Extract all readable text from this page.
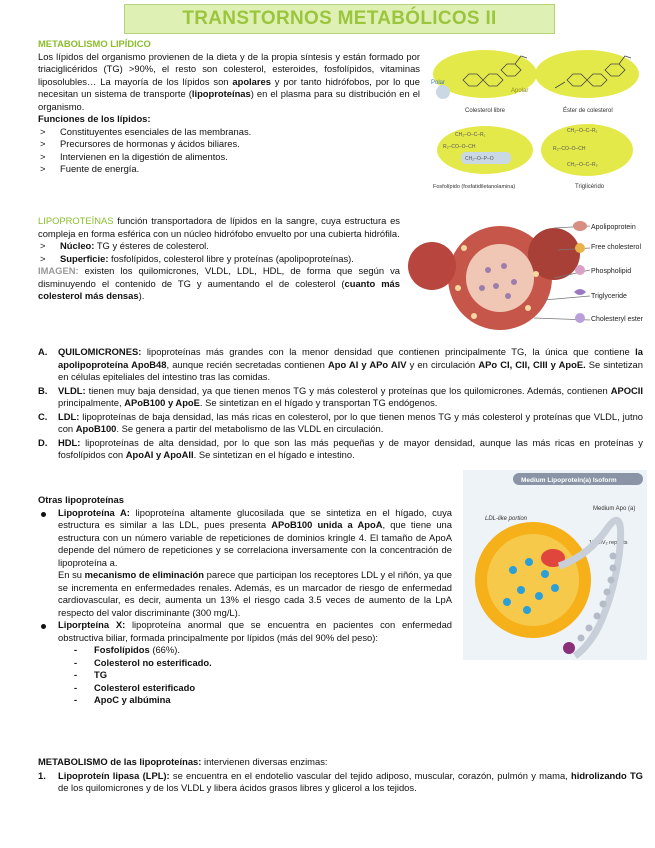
TRANSTORNOS METABÓLICOS II
METABOLISMO LIPÍDICO

Los lípidos del organismo provienen de la dieta y de la propia síntesis y están formado por triaciglicéridos (TG) >90%, el resto son colesterol, esteroides, fosfolípidos, vitaminas liposolubles… La mayoría de los lípidos son apolares y por tanto hidrófobos, por lo que necesitan un sistema de transporte (lipoproteínas) en el plasma para su distribución en el organismo.

Funciones de los lípidos:
> Constituyentes esenciales de las membranas.
> Precursores de hormonas y ácidos biliares.
> Intervienen en la digestión de alimentos.
> Fuente de energía.
Polar
Apolar
Colesterol libre	Éster de colesterol
CH₂–O–C–R₁
R₂–CO–O–CH
CH₂–O–P–O
CH₂–O–C–R₁
R₂–CO–O–CH
CH₂–O–C–R₃
Fosfolípido (fosfatidiletanolamina)	Triglicérido

LIPOPROTEÍNAS función transportadora de lípidos en la sangre, cuya estructura es compleja en forma esférica con un núcleo hidrófobo envuelto por una cubierta hidrófila.

> Núcleo: TG y ésteres de colesterol.
> Superficie: fosfolípidos, colesterol libre y proteínas (apolipoproteínas).

IMAGEN: existen los quilomicrones, VLDL, LDL, HDL, de forma que según va disminuyendo el contenido de TG y aumentando el de colesterol (cuanto más colesterol más densas).

Apolipoprotein
Free cholesterol
Phospholipid
Triglyceride
Cholesteryl ester
A. QUILOMICRONES: lipoproteínas más grandes con la menor densidad que contienen principalmente TG, la única que contiene la apolipoproteína ApoB48, aunque recién secretadas contienen Apo AI y APo AIV y en circulación APo CI, CII, CIII y ApoE. Se sintetizan en células epiteliales del intestino tras las comidas.
B. VLDL: tienen muy baja densidad, ya que tienen menos TG y más colesterol y proteínas que los quilomicrones. Además, contienen APOCII principalmente, APoB100 y ApoE. Se sintetizan en el hígado y transportan TG endógenos.
C. LDL: lipoproteínas de baja densidad, las más ricas en colesterol, por lo que tienen menos TG y más colesterol y proteínas que VLDL, jutno con ApoB100. Se genera a partir del metabolismo de las VLDL en circulación.
D. HDL: lipoproteínas de alta densidad, por lo que son las más pequeñas y de mayor densidad, aunque las más ricas en proteínas y fosfolípidos con ApoAI y ApoAII. Se sintetizan en el hígado e intestino.
Otras lipoproteínas
Lipoproteína A: lipoproteína altamente glucosilada que se sintetiza en el hígado, cuya estructura es similar a las LDL, pues presenta APoB100 unida a ApoA, que tiene una estructura con un número variable de repeticiones de dominios kringle 4. El tamaño de ApoA depende del número de repeticiones y se correlaciona inversamente con la concentración de lipoproteína a.
En su mecanismo de eliminación parece que participan los receptores LDL y el riñón, ya que se incrementa en enfermedades renales. Además, es un marcador de riesgo de enfermedad cardiovascular, es decir, aumenta un 13% el riesgo cada 3.5 veces de aumento de la LpA respecto del valor discriminante (300 mg/L).
Liporpteína X: lipoproteína anormal que se encuentra en pacientes con enfermedad obstructiva biliar, formada principalmente por lípidos (más del 90% del peso):
- Fosfolípidos (66%).
- Colesterol no esterificado.
- TG
- Colesterol esterificado
- ApoC y albúmina
Medium Lipoprotein(a) Isoform
LDL-like portion
Medium Apo (a)
18 KIV₂ repeats

METABOLISMO de las lipoproteínas: intervienen diversas enzimas:

1. Lipoproteín lipasa (LPL): se encuentra en el endotelio vascular del tejido adiposo, muscular, corazón, pulmón y mama, hidrolizando TG de los quilomicrones y de los VLDL y libera ácidos grasos libres y glicerol a los tejidos.
